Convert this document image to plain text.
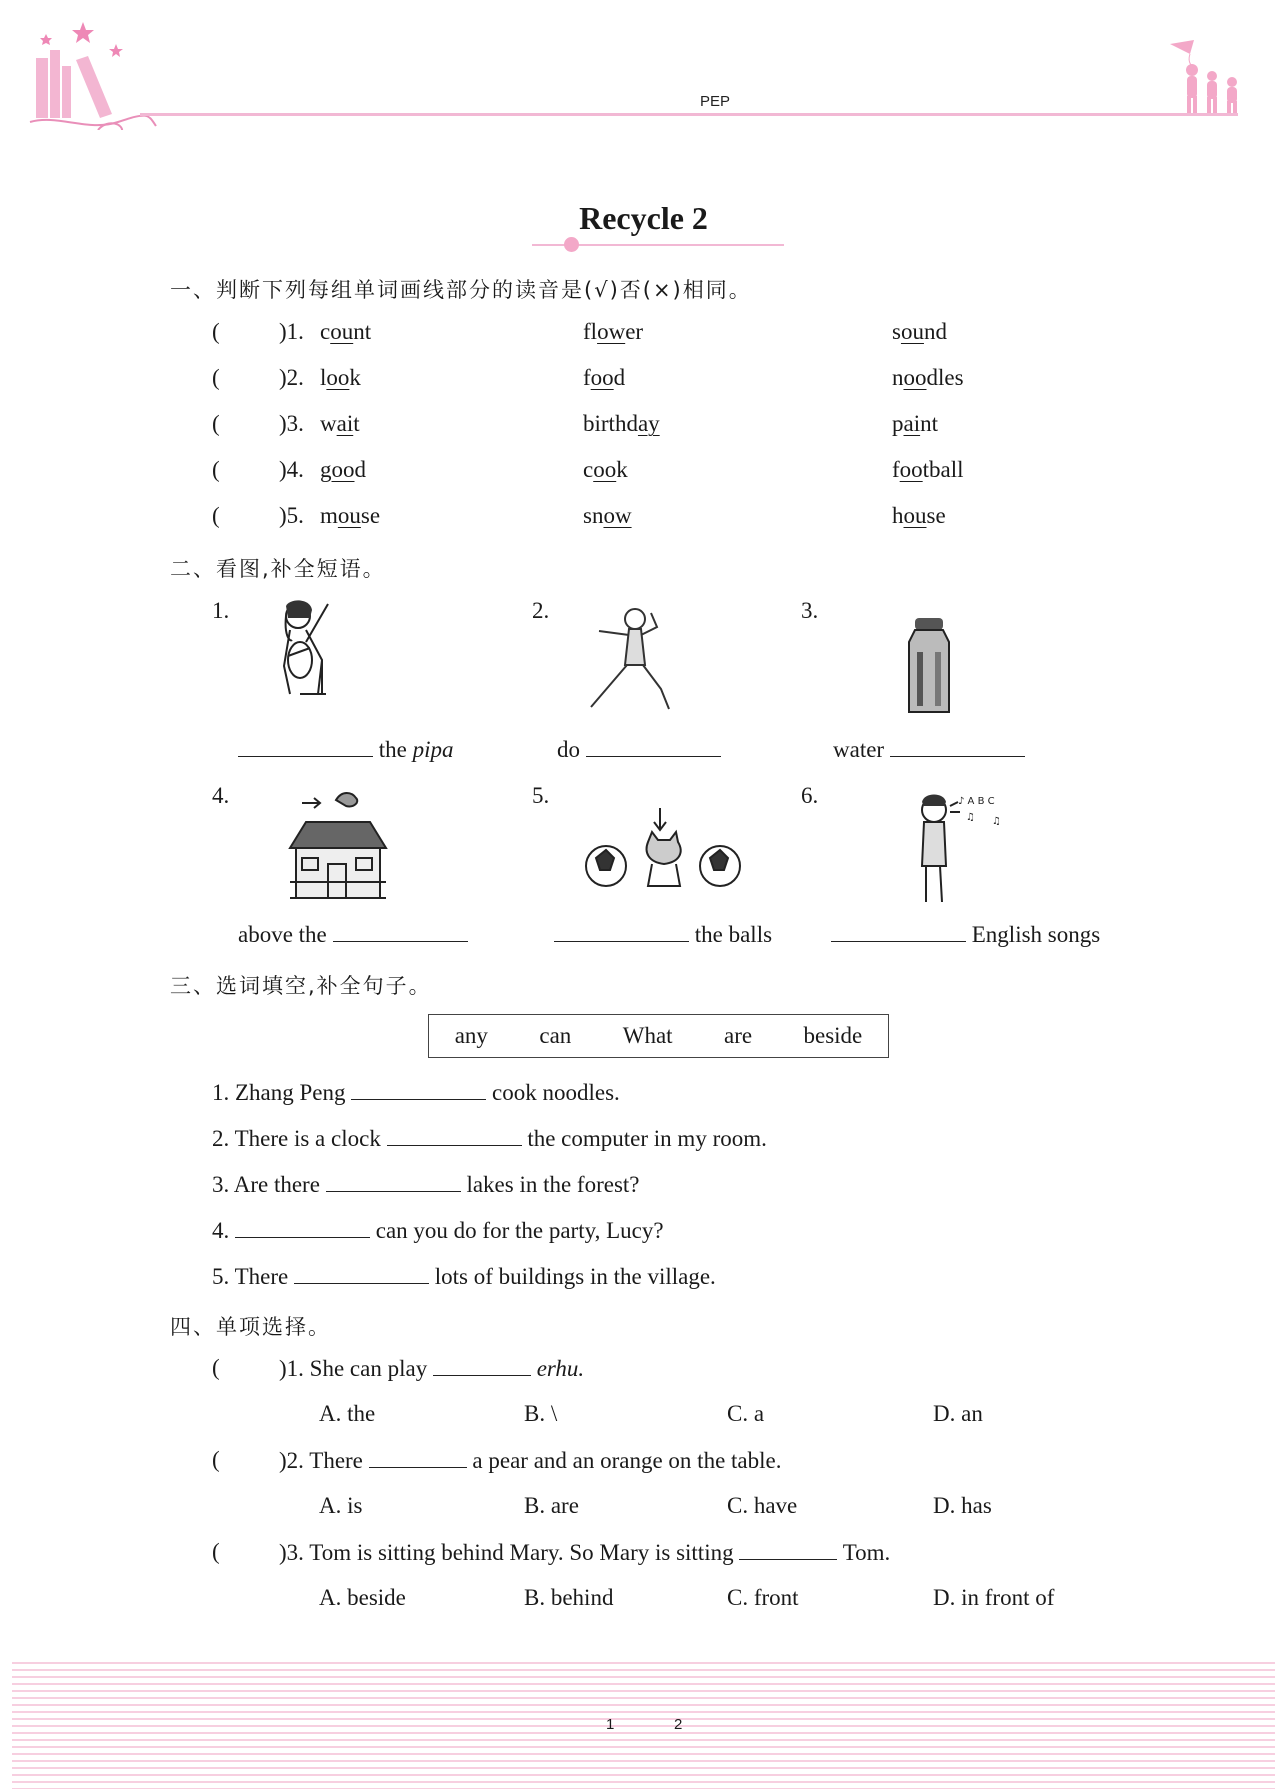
PEP
Recycle 2
一、判断下列每组单词画线部分的读音是(√)否(×)相同。
(	)1. count	flower	sound
(	)2. look	food	noodles
(	)3. wait	birthday	paint
(	)4. good	cook	football
(	)5. mouse	snow	house
二、看图,补全短语。
1.	2.	3.
4.	5.	6.	♪ A B C
♫ ♫
the pipa	do	water
above the	the balls	English songs
三、选词填空,补全句子。
any can What are beside
1. Zhang Peng	cook noodles.
2. There is a clock	the computer in my room.
3. Are there	lakes in the forest?
4.	can you do for the party, Lucy?
5. There	lots of buildings in the village.
四、单项选择。
(	)1. She can play	erhu.
A. the	B. \	C. a	D. an
(	)2. There	a pear and an orange on the table.
A. is	B. are	C. have	D. has
(	)3. Tom is sitting behind Mary. So Mary is sitting	Tom.
A. beside	B. behind	C. front	D. in front of
1	2
